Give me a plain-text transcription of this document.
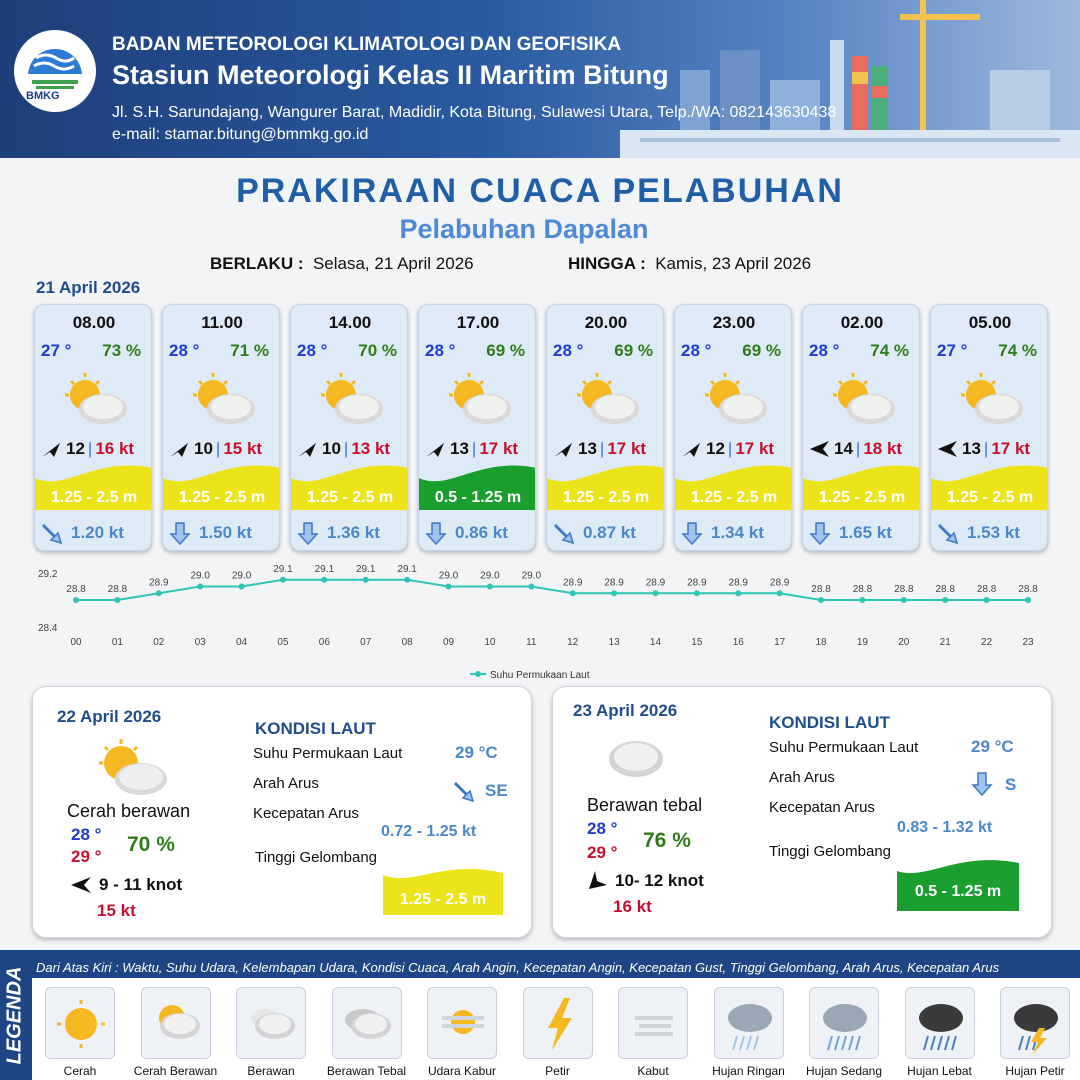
BMKG
BADAN METEOROLOGI KLIMATOLOGI DAN GEOFISIKA
Stasiun Meteorologi Kelas II Maritim Bitung
Jl. S.H. Sarundajang, Wangurer Barat, Madidir, Kota Bitung, Sulawesi Utara, Telp./WA: 082143630438
e-mail: stamar.bitung@bmmkg.go.id
PRAKIRAAN CUACA PELABUHAN
Pelabuhan Dapalan
BERLAKU : Selasa, 21 April 2026	HINGGA : Kamis, 23 April 2026
21 April 2026
08.00
27 ° 73 %
12 | 16 kt
1.25 - 2.5 m
1.20 kt
11.00
28 ° 71 %
10 | 15 kt
1.25 - 2.5 m
1.50 kt
14.00
28 ° 70 %
10 | 13 kt
1.25 - 2.5 m
1.36 kt
17.00
28 ° 69 %
13 | 17 kt
0.5 - 1.25 m
0.86 kt
20.00
28 ° 69 %
13 | 17 kt
1.25 - 2.5 m
0.87 kt
23.00
28 ° 69 %
12 | 17 kt
1.25 - 2.5 m
1.34 kt
02.00
28 ° 74 %
14 | 18 kt
1.25 - 2.5 m
1.65 kt
05.00
27 ° 74 %
13 | 17 kt
1.25 - 2.5 m
1.53 kt
29.2
28.4
28.8
00
28.8
01
28.9
02
29.0
03
29.0
04
29.1
05
29.1
06
29.1
07
29.1
08
29.0
09
29.0
10
29.0
11
28.9
12
28.9
13
28.9
14
28.9
15
28.9
16
28.9
17
28.8
18
28.8
19
28.8
20
28.8
21
28.8
22
28.8
23
Suhu Permukaan Laut
22 April 2026
Cerah berawan
28 °
29 °
70 %
9 - 11 knot
15 kt
KONDISI LAUT
Suhu Permukaan Laut	29 °C
Arah Arus	SE
Kecepatan Arus
0.72 - 1.25 kt
Tinggi Gelombang
1.25 - 2.5 m
23 April 2026
Berawan tebal
28 °
29 °
76 %
10- 12 knot
16 kt
KONDISI LAUT
Suhu Permukaan Laut	29 °C
Arah Arus	S
Kecepatan Arus
0.83 - 1.32 kt
Tinggi Gelombang
0.5 - 1.25 m
LEGENDA Dari Atas Kiri : Waktu, Suhu Udara, Kelembapan Udara, Kondisi Cuaca, Arah Angin, Kecepatan Angin, Kecepatan Gust, Tinggi Gelombang, Arah Arus, Kecepatan Arus
Cerah	Cerah Berawan	Berawan	Berawan Tebal	Udara Kabur	Petir	Kabut	Hujan Ringan	Hujan Sedang	Hujan Lebat	Hujan Petir
